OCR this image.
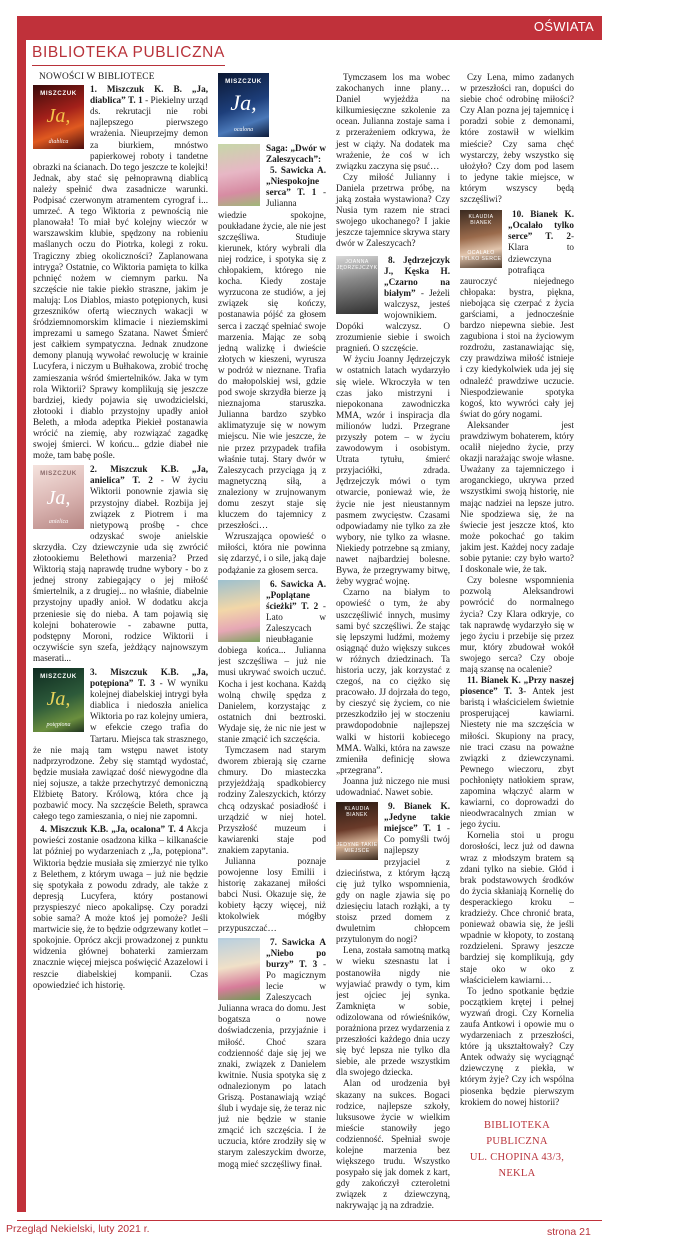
OŚWIATA
BIBLIOTEKA PUBLICZNA

NOWOŚCI W BIBLIOTECE

MISZCZUK
Ja,
diablica

1. Miszczuk K. B. „Ja, diablica” T. 1 - Piekielny urząd ds. rekrutacji nie robi najlepszego pierwszego wrażenia. Nieuprzejmy demon za biurkiem, mnóstwo papierkowej roboty i tandetne obrazki na ścianach. Do tego jeszcze te kolejki! Jednak, aby stać się pełnoprawną diablicą należy spełnić dwa zasadnicze warunki. Podpisać czerwonym atramentem cyrograf i... umrzeć. A tego Wiktoria z pewnością nie planowała! To miał być kolejny wieczór w warszawskim klubie, spędzony na robieniu maślanych oczu do Piotrka, kolegi z roku. Tragiczny zbieg okoliczności? Zaplanowana intryga? Ostatnie, co Wiktoria pamięta to kilka pchnięć nożem w ciemnym parku. Na szczęście nie takie piekło straszne, jakim je malują: Los Diablos, miasto potępionych, kusi grzeszników ofertą wiecznych wakacji w śródziemnomorskim klimacie i nieziemskimi imprezami u samego Szatana. Nawet Śmierć jest całkiem sympatyczna. Jednak znudzone demony planują wywołać rewolucję w krainie Lucyfera, i niczym u Bułhakowa, zrobić trochę zamieszania wśród śmiertelników. Jaka w tym rola Wiktorii? Sprawy komplikują się jeszcze bardziej, kiedy pojawia się uwodzicielski, złotooki i diablo przystojny upadły anioł Beleth, a młoda adeptka Piekieł postanawia wrócić na ziemię, aby rozwiązać zagadkę swojej śmierci. W końcu... gdzie diabeł nie może, tam babę pośle.

MISZCZUK
Ja,
anielica

2. Miszczuk K.B. „Ja, anielica” T. 2 - W życiu Wiktorii ponownie zjawia się przystojny diabeł. Rozbija jej związek z Piotrem i ma nietypową prośbę - chce odzyskać swoje anielskie skrzydła. Czy dziewczynie uda się zwrócić złotookiemu Belethowi marzenia? Przed Wiktorią stają naprawdę trudne wybory - bo z jednej strony zabiegający o jej miłość śmiertelnik, a z drugiej... no właśnie, diabelnie przystojny upadły anioł. W dodatku akcja przeniesie się do nieba. A tam pojawią się kolejni bohaterowie - zabawne putta, podstępny Moroni, rodzice Wiktorii i oczywiście syn szefa, jeżdżący najnowszym maserati...

MISZCZUK
Ja,
potępiona

3. Miszczuk K.B. „Ja, potępiona” T. 3 - W wyniku kolejnej diabelskiej intrygi była diablica i niedoszła anielica Wiktoria po raz kolejny umiera, w efekcie czego trafia do Tartaru. Miejsca tak strasznego, że nie mają tam wstępu nawet istoty nadprzyrodzone. Żeby się stamtąd wydostać, będzie musiała zawiązać dość niewygodne dla niej sojusze, a także przechytrzyć demoniczną Elżbietę Batory. Królową, która chce ją pozbawić mocy. Na szczęście Beleth, sprawca całego tego zamieszania, o niej nie zapomni.

4. Miszczuk K.B. „Ja, ocalona” T. 4 Akcja powieści zostanie osadzona kilka – kilkanaście lat później po wydarzeniach z „Ja, potępiona”. Wiktoria będzie musiała się zmierzyć nie tylko z Belethem, z którym uwaga – już nie będzie się spotykała z powodu zdrady, ale także z depresją Lucyfera, który postanowi przyspieszyć nieco apokalipsę. Czy poradzi sobie sama? A może ktoś jej pomoże? Jeśli martwicie się, że to będzie odgrzewany kotlet – spokojnie. Oprócz akcji prowadzonej z punktu widzenia głównej bohaterki zamierzam znacznie więcej miejsca poświęcić Azazelowi i reszcie diabelskiej kompanii. Czas opowiedzieć ich historię.

MISZCZUK
Ja,
ocalona

Saga: „Dwór w Zaleszycach”:

5. Sawicka A. „Niespokojne serca” T. 1 - Julianna wiedzie spokojne, poukładane życie, ale nie jest szczęśliwa. Studiuje kierunek, który wybrali dla niej rodzice, i spotyka się z chłopakiem, którego nie kocha. Kiedy zostaje wyrzucona ze studiów, a jej związek się kończy, postanawia pójść za głosem serca i zacząć spełniać swoje marzenia. Mając ze sobą jedną walizkę i dwieście złotych w kieszeni, wyrusza w podróż w nieznane. Trafia do małopolskiej wsi, gdzie pod swoje skrzydła bierze ją nieznajoma staruszka. Julianna bardzo szybko aklimatyzuje się w nowym miejscu. Nie wie jeszcze, że nie przez przypadek trafiła właśnie tutaj. Stary dwór w Zaleszycach przyciąga ją z magnetyczną siłą, a znaleziony w zrujnowanym domu zeszyt staje się kluczem do tajemnicy z przeszłości…

Wzruszająca opowieść o miłości, która nie powinna się zdarzyć, i o sile, jaką daje podążanie za głosem serca.

6. Sawicka A. „Poplątane ścieżki” T. 2 - Lato w Zaleszycach nieubłaganie dobiega końca... Julianna jest szczęśliwa – już nie musi ukrywać swoich uczuć. Kocha i jest kochana. Każdą wolną chwilę spędza z Danielem, korzystając z ostatnich dni beztroski. Wydaje się, że nic nie jest w stanie zmącić ich szczęścia.

Tymczasem nad starym dworem zbierają się czarne chmury. Do miasteczka przyjeżdżają spadkobiercy rodziny Zaleszyckich, którzy chcą odzyskać posiadłość i urządzić w niej hotel. Przyszłość muzeum i kawiarenki staje pod znakiem zapytania.

Julianna poznaje powojenne losy Emilii i historię zakazanej miłości babci Nusi. Okazuje się, że kobiety łączy więcej, niż ktokolwiek mógłby przypuszczać…

7. Sawicka A „Niebo po burzy” T. 3 - Po magicznym lecie w Zaleszycach Julianna wraca do domu. Jest bogatsza o nowe doświadczenia, przyjaźnie i miłość. Choć szara codzienność daje się jej we znaki, związek z Danielem kwitnie. Nusia spotyka się z odnalezionym po latach Griszą. Postanawiają wziąć ślub i wydaje się, że teraz nic już nie będzie w stanie zmącić ich szczęścia. I że uczucia, które zrodziły się w starym zaleszyckim dworze, mogą mieć szczęśliwy finał.

Tymczasem los ma wobec zakochanych inne plany… Daniel wyjeżdża na kilkumiesięczne szkolenie za ocean. Julianna zostaje sama i z przerażeniem odkrywa, że jest w ciąży. Na dodatek ma wrażenie, że coś w ich związku zaczyna się psuć…

Czy miłość Julianny i Daniela przetrwa próbę, na jaką została wystawiona? Czy Nusia tym razem nie straci swojego ukochanego? I jakie jeszcze tajemnice skrywa stary dwór w Zaleszycach?

JOANNA JĘDRZEJCZYK

8. Jędrzejczyk J., Kęska H. „Czarno na białym” - Jeżeli walczysz, jesteś wojownikiem. Dopóki walczysz. O zrozumienie siebie i swoich pragnień. O szczęście.

W życiu Joanny Jędrzejczyk w ostatnich latach wydarzyło się wiele. Wkroczyła w ten czas jako mistrzyni i niepokonana zawodniczka MMA, wzór i inspiracja dla milionów ludzi. Przegrane przyszły potem – w życiu zawodowym i osobistym. Utrata tytułu, śmierć przyjaciółki, zdrada. Jędrzejczyk mówi o tym otwarcie, ponieważ wie, że życie nie jest nieustannym pasmem zwycięstw. Czasami odpowiadamy nie tylko za złe wybory, nie tylko za własne. Niekiedy potrzebne są zmiany, nawet najbardziej bolesne. Bywa, że przegrywamy bitwę, żeby wygrać wojnę.

Czarno na białym to opowieść o tym, że aby uszczęśliwić innych, musimy sami być szczęśliwi. Że stając się lepszymi ludźmi, możemy osiągnąć dużo większy sukces w różnych dziedzinach. Ta historia uczy, jak korzystać z czegoś, na co ciężko się pracowało. JJ dojrzała do tego, by cieszyć się życiem, co nie przeszkodziło jej w stoczeniu prawdopodobnie najlepszej walki w historii kobiecego MMA. Walki, która na zawsze zmieniła definicję słowa „przegrana”.

Joanna już niczego nie musi udowadniać. Nawet sobie.

KLAUDIA BIANEK
JEDYNE TAKIE MIEJSCE

9. Bianek K. „Jedyne takie miejsce” T. 1 - Co pomyśli twój najlepszy przyjaciel z dzieciństwa, z którym łączą cię już tylko wspomnienia, gdy on nagle zjawia się po dziesięciu latach rozłąki, a ty stoisz przed domem z dwuletnim chłopcem przytulonym do nogi?

Lena, została samotną matką w wieku szesnastu lat i postanowiła nigdy nie wyjawiać prawdy o tym, kim jest ojciec jej synka. Zamknięta w sobie, odizolowana od rówieśników, porażniona przez wydarzenia z przeszłości każdego dnia uczy się być lepsza nie tylko dla siebie, ale przede wszystkim dla swojego dziecka.

Alan od urodzenia był skazany na sukces. Bogaci rodzice, najlepsze szkoły, luksusowe życie w wielkim mieście stanowiły jego codzienność. Spełniał swoje kolejne marzenia bez większego trudu. Wszystko posypało się jak domek z kart, gdy zakończył czteroletni związek z dziewczyną, nakrywając ją na zdradzie.

Czy Lena, mimo zadanych w przeszłości ran, dopuści do siebie choć odrobinę miłości? Czy Alan pozna jej tajemnicę i poradzi sobie z demonami, które zostawił w wielkim mieście? Czy sama chęć wystarczy, żeby wszystko się ułożyło? Czy dom pod lasem to jedyne takie miejsce, w którym wszyscy będą szczęśliwi?

KLAUDIA BIANEK
OCALAŁO TYLKO SERCE

10. Bianek K. „Ocalało tylko serce” T. 2- Klara to dziewczyna potrafiąca zauroczyć niejednego chłopaka: bystra, piękna, niebojąca się czerpać z życia garściami, a jednocześnie bardzo niepewna siebie. Jest zagubiona i stoi na życiowym rozdrożu, zastanawiając się, czy prawdziwa miłość istnieje i czy kiedykolwiek uda jej się odnaleźć prawdziwe uczucie. Niespodziewanie spotyka kogoś, kto wywróci cały jej świat do góry nogami.

Aleksander jest prawdziwym bohaterem, który ocalił niejedno życie, przy okazji narażając swoje własne. Uważany za tajemniczego i aroganckiego, ukrywa przed wszystkimi swoją historię, nie mając nadziei na lepsze jutro. Nie spodziewa się, że na świecie jest jeszcze ktoś, kto może pokochać go takim jakim jest. Każdej nocy zadaje sobie pytanie: czy było warto? I doskonale wie, że tak.

Czy bolesne wspomnienia pozwolą Aleksandrowi powrócić do normalnego życia? Czy Klara odkryje, co tak naprawdę wydarzyło się w jego życiu i przebije się przez mur, który zbudował wokół swojego serca? Czy oboje mają szansę na ocalenie?

11. Bianek K. „Przy naszej piosence” T. 3- Antek jest baristą i właścicielem świetnie prosperującej kawiarni. Niestety nie ma szczęścia w miłości. Skupiony na pracy, nie traci czasu na poważne związki z dziewczynami. Pewnego wieczoru, zbyt pochłonięty natłokiem spraw, zapomina włączyć alarm w kawiarni, co doprowadzi do nieodwracalnych zmian w jego życiu.

Kornelia stoi u progu dorosłości, lecz już od dawna wraz z młodszym bratem są zdani tylko na siebie. Głód i brak podstawowych środków do życia skłaniają Kornelię do desperackiego kroku – kradzieży. Chce chronić brata, ponieważ obawia się, że jeśli wpadnie w kłopoty, to zostaną rozdzieleni. Sprawy jeszcze bardziej się komplikują, gdy staje oko w oko z właścicielem kawiarni…

To jedno spotkanie będzie początkiem krętej i pełnej wyzwań drogi. Czy Kornelia zaufa Antkowi i opowie mu o wydarzeniach z przeszłości, które ją ukształtowały? Czy Antek odważy się wyciągnąć dziewczynę z piekła, w którym żyje? Czy ich wspólna piosenka będzie pierwszym krokiem do nowej historii?

BIBLIOTEKA PUBLICZNA

UL. CHOPINA 43/3, NEKLA

Przegląd Nekielski, luty 2021 r.	strona 21
